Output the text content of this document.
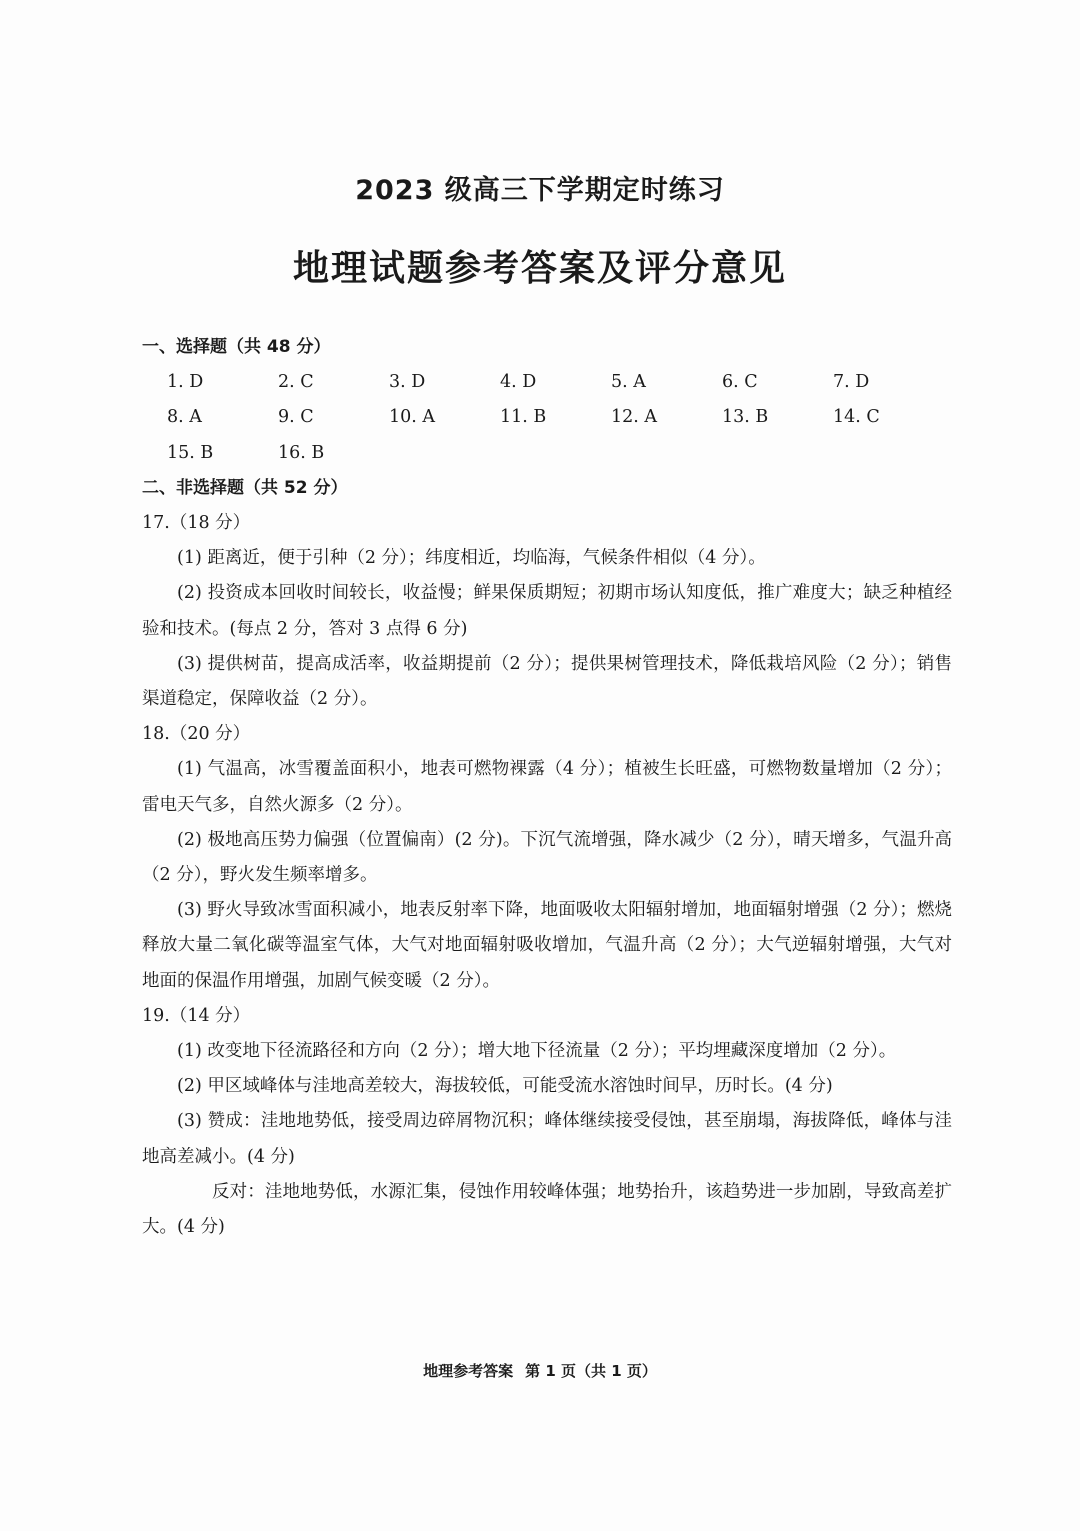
2023 级高三下学期定时练习
地理试题参考答案及评分意见
一、选择题（共 48 分）
1. D	2. C	3. D	4. D	5. A	6. C	7. D
8. A	9. C	10. A	11. B	12. A	13. B	14. C
15. B	16. B
二、非选择题（共 52 分）
17.（18 分）

(1) 距离近，便于引种（2 分）；纬度相近，均临海，气候条件相似（4 分）。

(2) 投资成本回收时间较长，收益慢；鲜果保质期短；初期市场认知度低，推广难度大；缺乏种植经验和技术。(每点 2 分，答对 3 点得 6 分)

(3) 提供树苗，提高成活率，收益期提前（2 分）；提供果树管理技术，降低栽培风险（2 分）；销售渠道稳定，保障收益（2 分）。

18.（20 分）

(1) 气温高，冰雪覆盖面积小，地表可燃物裸露（4 分）；植被生长旺盛，可燃物数量增加（2 分）；雷电天气多，自然火源多（2 分）。

(2) 极地高压势力偏强（位置偏南）(2 分)。下沉气流增强，降水减少（2 分），晴天增多，气温升高（2 分），野火发生频率增多。

(3) 野火导致冰雪面积减小，地表反射率下降，地面吸收太阳辐射增加，地面辐射增强（2 分）；燃烧释放大量二氧化碳等温室气体，大气对地面辐射吸收增加，气温升高（2 分）；大气逆辐射增强，大气对地面的保温作用增强，加剧气候变暖（2 分）。

19.（14 分）

(1) 改变地下径流路径和方向（2 分）；增大地下径流量（2 分）；平均埋藏深度增加（2 分）。

(2) 甲区域峰体与洼地高差较大，海拔较低，可能受流水溶蚀时间早，历时长。(4 分)

(3) 赞成：洼地地势低，接受周边碎屑物沉积；峰体继续接受侵蚀，甚至崩塌，海拔降低，峰体与洼地高差减小。(4 分)

反对：洼地地势低，水源汇集，侵蚀作用较峰体强；地势抬升，该趋势进一步加剧，导致高差扩大。(4 分)

地理参考答案 第 1 页（共 1 页）
